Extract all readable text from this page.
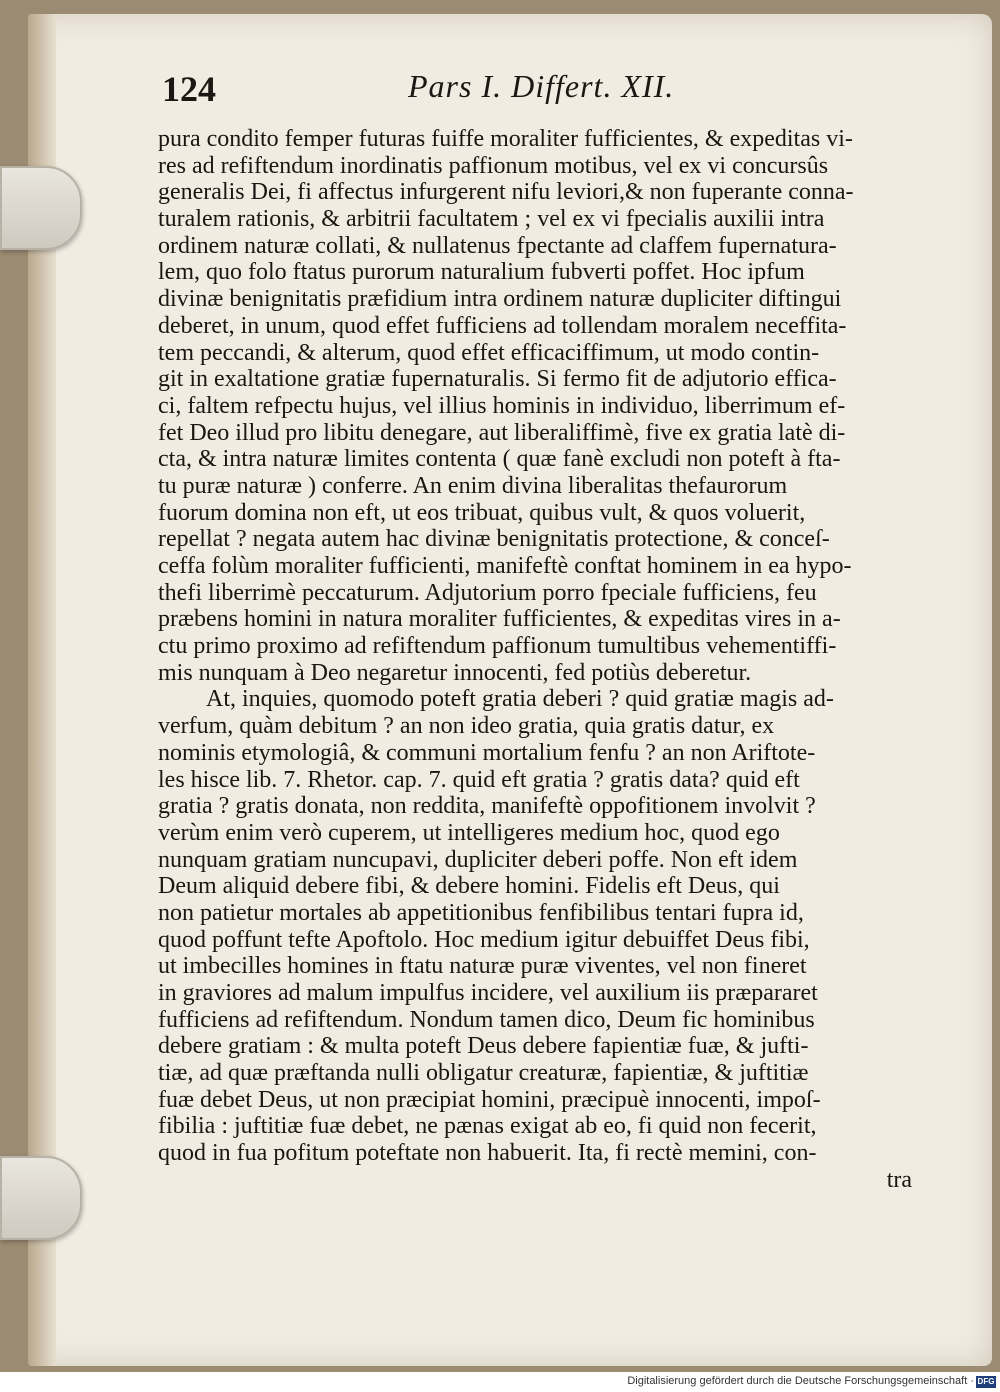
124	Pars I. Differt. XII.
pura condito femper futuras fuiffe moraliter fufficientes, & expeditas vi-
res ad refiftendum inordinatis paffionum motibus, vel ex vi concursûs
generalis Dei, fi affectus infurgerent nifu leviori,& non fuperante conna-
turalem rationis, & arbitrii facultatem ; vel ex vi fpecialis auxilii intra
ordinem naturæ collati, & nullatenus fpectante ad claffem fupernatura-
lem, quo folo ftatus purorum naturalium fubverti poffet. Hoc ipfum
divinæ benignitatis præfidium intra ordinem naturæ dupliciter diftingui
deberet, in unum, quod effet fufficiens ad tollendam moralem neceffita-
tem peccandi, & alterum, quod effet efficaciffimum, ut modo contin-
git in exaltatione gratiæ fupernaturalis. Si fermo fit de adjutorio effica-
ci, faltem refpectu hujus, vel illius hominis in individuo, liberrimum ef-
fet Deo illud pro libitu denegare, aut liberaliffimè, five ex gratia latè di-
cta, & intra naturæ limites contenta ( quæ fanè excludi non poteft à fta-
tu puræ naturæ ) conferre. An enim divina liberalitas thefaurorum
fuorum domina non eft, ut eos tribuat, quibus vult, & quos voluerit,
repellat ? negata autem hac divinæ benignitatis protectione, & conceſ-
ceffa folùm moraliter fufficienti, manifeftè conftat hominem in ea hypo-
thefi liberrimè peccaturum. Adjutorium porro fpeciale fufficiens, feu
præbens homini in natura moraliter fufficientes, & expeditas vires in a-
ctu primo proximo ad refiftendum paffionum tumultibus vehementiffi-
mis nunquam à Deo negaretur innocenti, fed potiùs deberetur.
At, inquies, quomodo poteft gratia deberi ? quid gratiæ magis ad-
verfum, quàm debitum ? an non ideo gratia, quia gratis datur, ex
nominis etymologiâ, & communi mortalium fenfu ? an non Ariftote-
les hisce lib. 7. Rhetor. cap. 7. quid eft gratia ? gratis data? quid eft
gratia ? gratis donata, non reddita, manifeftè oppofitionem involvit ?
verùm enim verò cuperem, ut intelligeres medium hoc, quod ego
nunquam gratiam nuncupavi, dupliciter deberi poffe. Non eft idem
Deum aliquid debere fibi, & debere homini. Fidelis eft Deus, qui
non patietur mortales ab appetitionibus fenfibilibus tentari fupra id,
quod poffunt tefte Apoftolo. Hoc medium igitur debuiffet Deus fibi,
ut imbecilles homines in ftatu naturæ puræ viventes, vel non fineret
in graviores ad malum impulfus incidere, vel auxilium iis præpararet
fufficiens ad refiftendum. Nondum tamen dico, Deum fic hominibus
debere gratiam : & multa poteft Deus debere fapientiæ fuæ, & jufti-
tiæ, ad quæ præftanda nulli obligatur creaturæ, fapientiæ, & juftitiæ
fuæ debet Deus, ut non præcipiat homini, præcipuè innocenti, impoſ-
fibilia : juftitiæ fuæ debet, ne pænas exigat ab eo, fi quid non fecerit,
quod in fua pofitum poteftate non habuerit. Ita, fi rectè memini, con-
tra
Digitalisierung gefördert durch die Deutsche Forschungsgemeinschaft · DFG
